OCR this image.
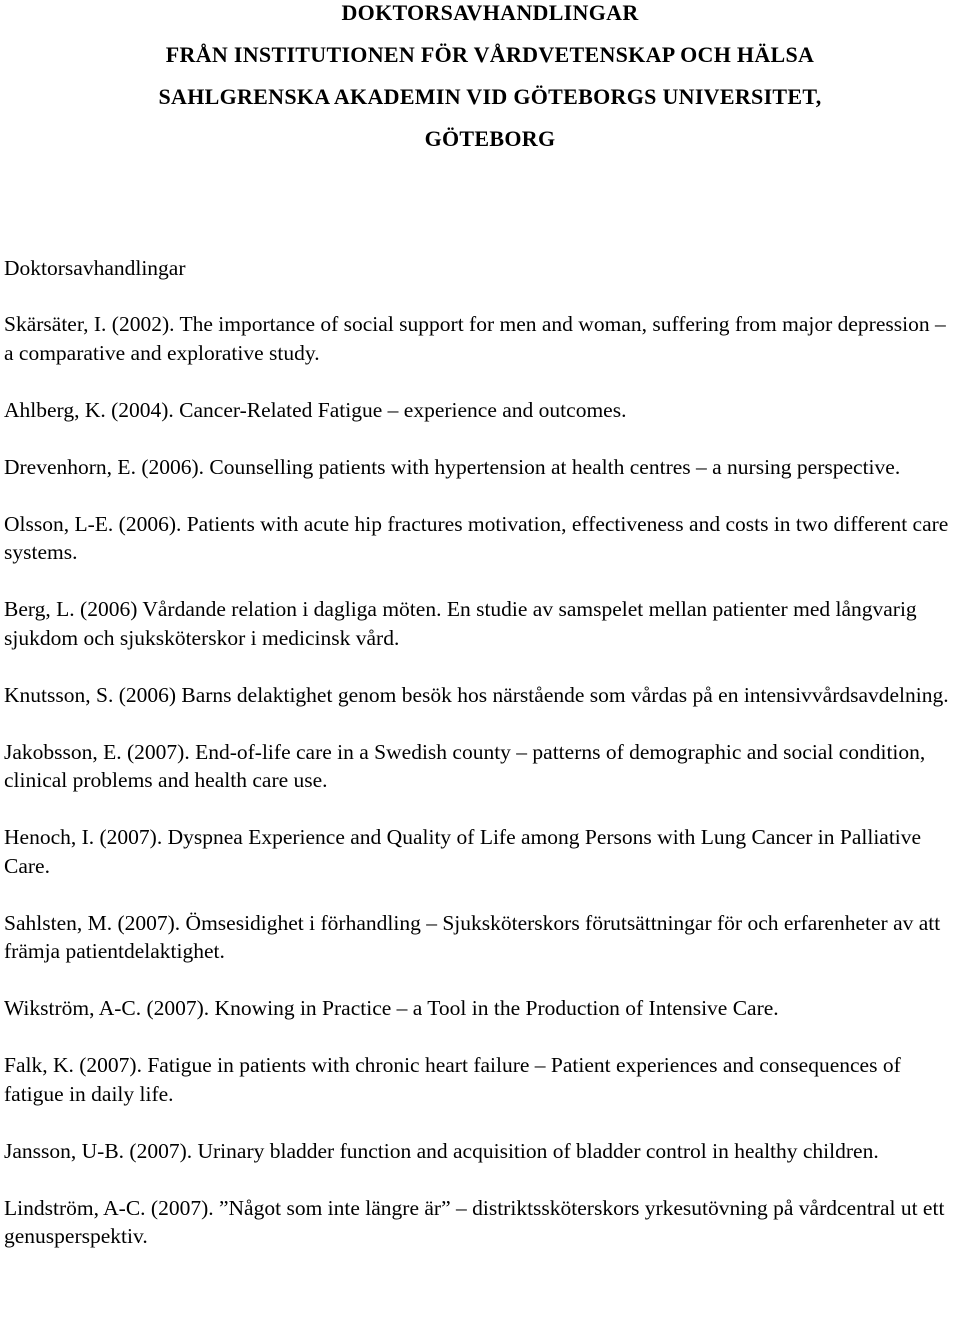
DOKTORSAVHANDLINGAR
FRÅN INSTITUTIONEN FÖR VÅRDVETENSKAP OCH HÄLSA
SAHLGRENSKA AKADEMIN VID GÖTEBORGS UNIVERSITET,
GÖTEBORG
Doktorsavhandlingar

Skärsäter, I. (2002). The importance of social support for men and woman, suffering from major depression – a comparative and explorative study.

Ahlberg, K. (2004). Cancer-Related Fatigue – experience and outcomes.

Drevenhorn, E. (2006). Counselling patients with hypertension at health centres – a nursing perspective.

Olsson, L-E. (2006). Patients with acute hip fractures motivation, effectiveness and costs in two different care systems.

Berg, L. (2006) Vårdande relation i dagliga möten. En studie av samspelet mellan patienter med långvarig sjukdom och sjuksköterskor i medicinsk vård.

Knutsson, S. (2006) Barns delaktighet genom besök hos närstående som vårdas på en intensivvårdsavdelning.

Jakobsson, E. (2007). End-of-life care in a Swedish county – patterns of demographic and social condition, clinical problems and health care use.

Henoch, I. (2007). Dyspnea Experience and Quality of Life among Persons with Lung Cancer in Palliative Care.

Sahlsten, M. (2007). Ömsesidighet i förhandling – Sjuksköterskors förutsättningar för och erfarenheter av att främja patientdelaktighet.

Wikström, A-C. (2007). Knowing in Practice – a Tool in the Production of Intensive Care.

Falk, K. (2007). Fatigue in patients with chronic heart failure – Patient experiences and consequences of fatigue in daily life.

Jansson, U-B. (2007). Urinary bladder function and acquisition of bladder control in healthy children.

Lindström, A-C. (2007). ”Något som inte längre är” – distriktssköterskors yrkesutövning på vårdcentral ut ett genusperspektiv.
